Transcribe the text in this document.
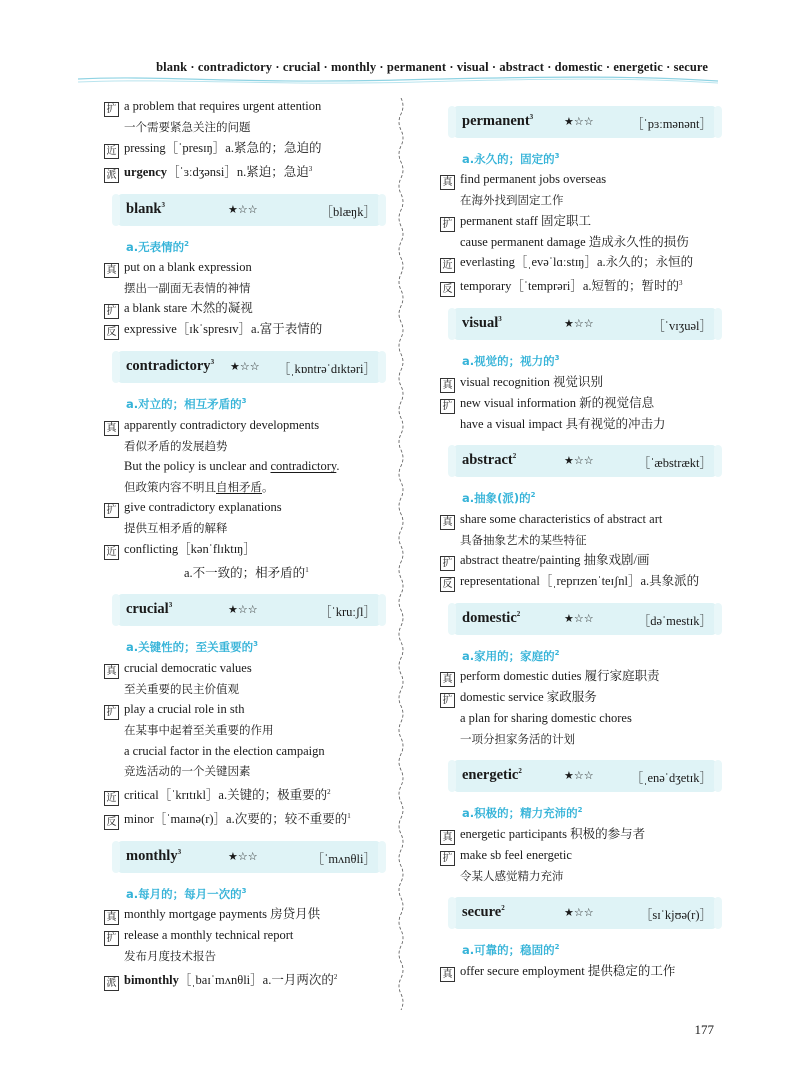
blank · contradictory · crucial · monthly · permanent · visual · abstract · domestic · energetic · secure
扩 a problem that requires urgent attention
一个需要紧急关注的问题
近 pressing［ˈpresɪŋ］a.紧急的；急迫的
派 urgency［ˈɜːdʒənsi］n.紧迫；急迫$^3$
blank$^3$	★☆☆	［blæŋk］
a.无表情的$^2$
真 put on a blank expression
摆出一副面无表情的神情
扩 a blank stare 木然的凝视
反 expressive［ɪkˈspresɪv］a.富于表情的
contradictory$^3$ ★☆☆ ［ˌkɒntrəˈdɪktəri］
a.对立的；相互矛盾的$^3$
真 apparently contradictory developments
看似矛盾的发展趋势
But the policy is unclear and contradictory.
但政策内容不明且自相矛盾。
扩 give contradictory explanations
提供互相矛盾的解释
近 conflicting［kənˈflɪktɪŋ］
a.不一致的；相矛盾的$^1$
crucial$^3$	★☆☆	［ˈkruːʃl］
a.关键性的；至关重要的$^3$
真 crucial democratic values
至关重要的民主价值观
扩 play a crucial role in sth
在某事中起着至关重要的作用
a crucial factor in the election campaign
竞选活动的一个关键因素
近 critical［ˈkrɪtɪkl］a.关键的；极重要的$^2$
反 minor［ˈmaɪnə(r)］a.次要的；较不重要的$^1$
monthly$^3$	★☆☆	［ˈmʌnθli］
a.每月的；每月一次的$^3$
真 monthly mortgage payments 房贷月供
扩 release a monthly technical report
发布月度技术报告
派 bimonthly［ˌbaɪˈmʌnθli］a.一月两次的$^2$
permanent$^3$	★☆☆	［ˈpɜːmənənt］
a.永久的；固定的$^3$
真 find permanent jobs overseas
在海外找到固定工作
扩 permanent staff 固定职工
cause permanent damage 造成永久性的损伤
近 everlasting［ˌevəˈlɑːstɪŋ］a.永久的；永恒的
反 temporary［ˈtemprəri］a.短暂的；暂时的$^3$
visual$^3$	★☆☆	［ˈvɪʒuəl］
a.视觉的；视力的$^3$
真 visual recognition 视觉识别
扩 new visual information 新的视觉信息
have a visual impact 具有视觉的冲击力
abstract$^2$	★☆☆	［ˈæbstrækt］
a.抽象(派)的$^2$
真 share some characteristics of abstract art
具备抽象艺术的某些特征
扩 abstract theatre/painting 抽象戏剧/画
反 representational［ˌreprɪzenˈteɪʃnl］a.具象派的
domestic$^2$	★☆☆	［dəˈmestɪk］
a.家用的；家庭的$^2$
真 perform domestic duties 履行家庭职责
扩 domestic service 家政服务
a plan for sharing domestic chores
一项分担家务活的计划
energetic$^2$	★☆☆	［ˌenəˈdʒetɪk］
a.积极的；精力充沛的$^2$
真 energetic participants 积极的参与者
扩 make sb feel energetic
令某人感觉精力充沛
secure$^2$	★☆☆	［sɪˈkjʊə(r)］
a.可靠的；稳固的$^2$
真 offer secure employment 提供稳定的工作
177
